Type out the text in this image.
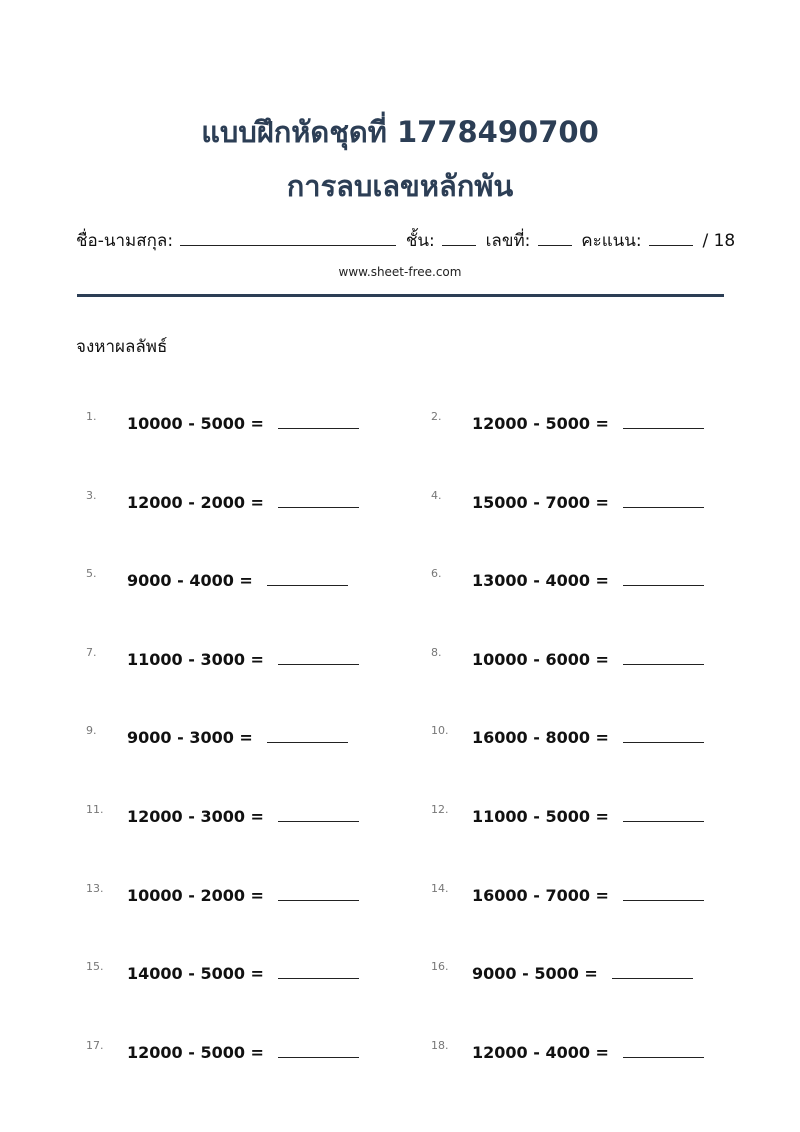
แบบฝึกหัดชุดที่ 1778490700
การลบเลขหลักพัน
ชื่อ-นามสกุล:	ชั้น:	เลขที่:	คะแนน:	/ 18
www.sheet-free.com
จงหาผลลัพธ์
1. 10000 - 5000 =	2. 12000 - 5000 =
3. 12000 - 2000 =	4. 15000 - 7000 =
5. 9000 - 4000 =	6. 13000 - 4000 =
7. 11000 - 3000 =	8. 10000 - 6000 =
9. 9000 - 3000 =	10. 16000 - 8000 =
11. 12000 - 3000 =	12. 11000 - 5000 =
13. 10000 - 2000 =	14. 16000 - 7000 =
15. 14000 - 5000 =	16. 9000 - 5000 =
17. 12000 - 5000 =	18. 12000 - 4000 =
